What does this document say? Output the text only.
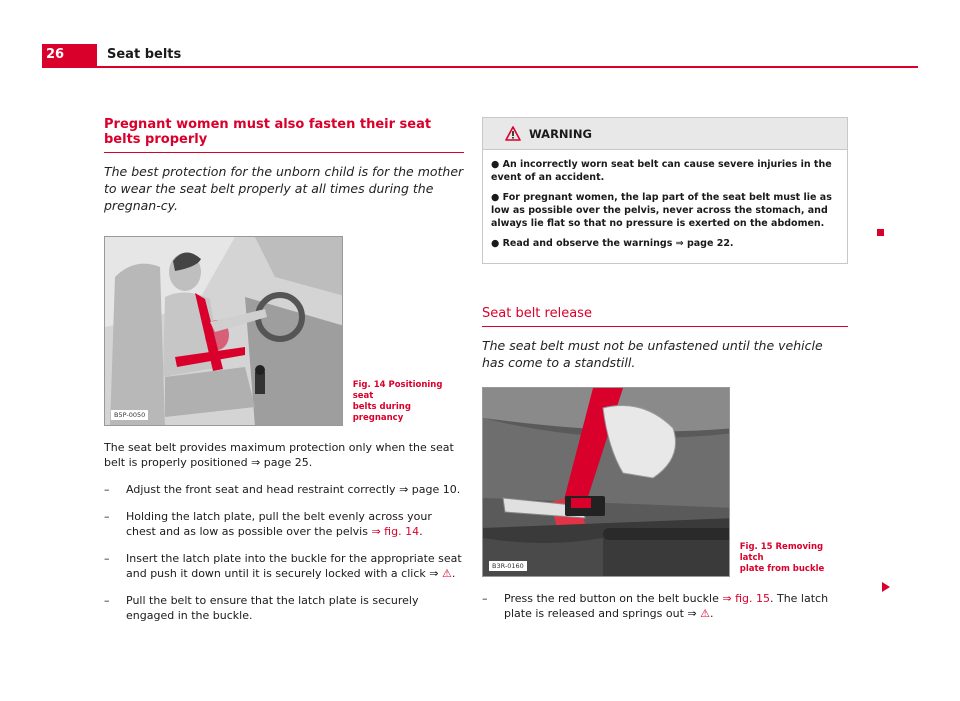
26	Seat belts
Pregnant women must also fasten their seat belts properly

The best protection for the unborn child is for the mother to wear the seat belt properly at all times during the pregnan-cy.

B5P-0050
Fig. 14 Positioning seat
belts during pregnancy

The seat belt provides maximum protection only when the seat belt is properly positioned ⇒ page 25.

– Adjust the front seat and head restraint correctly ⇒ page 10.
– Holding the latch plate, pull the belt evenly across your chest and as low as possible over the pelvis ⇒ fig. 14.
– Insert the latch plate into the buckle for the appropriate seat and push it down until it is securely locked with a click ⇒ ⚠.
– Pull the belt to ensure that the latch plate is securely engaged in the buckle.
WARNING

● An incorrectly worn seat belt can cause severe injuries in the event of an accident.

● For pregnant women, the lap part of the seat belt must lie as low as possible over the pelvis, never across the stomach, and always lie flat so that no pressure is exerted on the abdomen.

● Read and observe the warnings ⇒ page 22.

Seat belt release

The seat belt must not be unfastened until the vehicle has come to a standstill.

B3R-0160
Fig. 15 Removing latch
plate from buckle
– Press the red button on the belt buckle ⇒ fig. 15. The latch plate is released and springs out ⇒ ⚠.
